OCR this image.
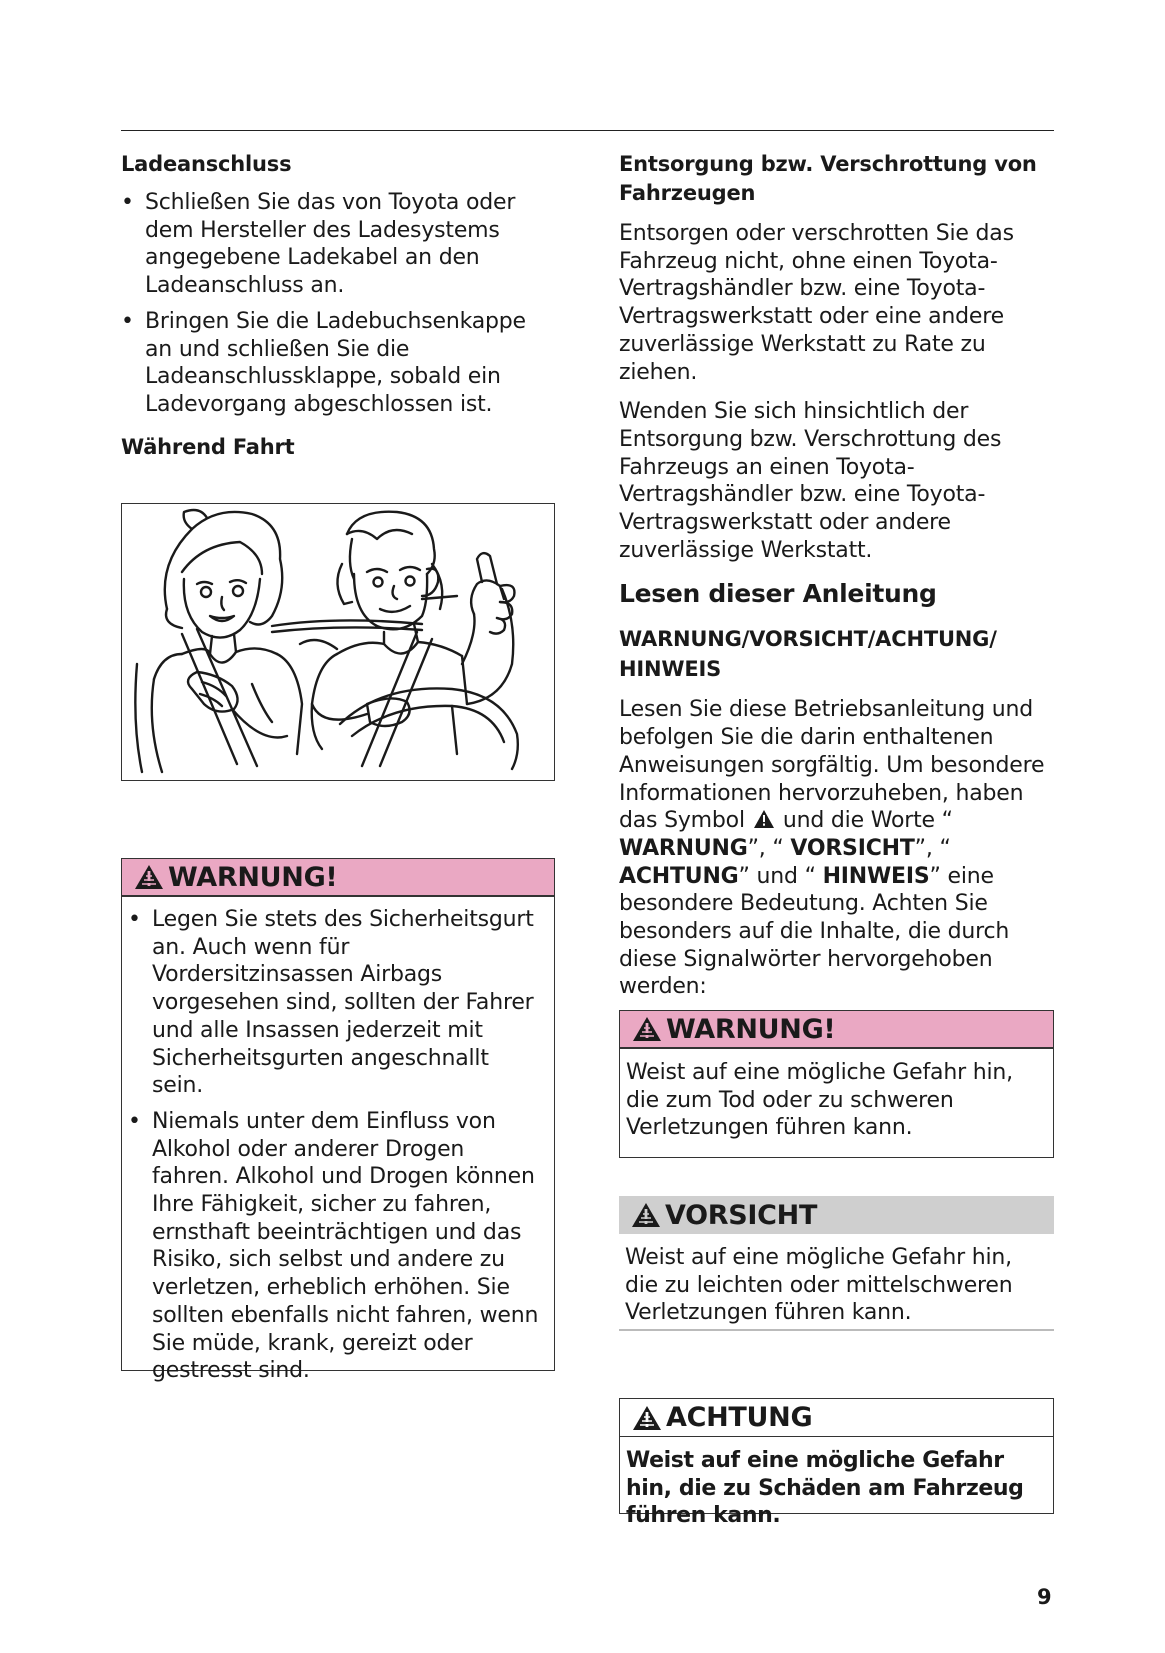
Ladeanschluss

• Schließen Sie das von Toyota oder dem Hersteller des Ladesystems angegebene Ladekabel an den Ladeanschluss an.
• Bringen Sie die Ladebuchsenkappe an und schließen Sie die Ladeanschlussklappe, sobald ein Ladevorgang abgeschlossen ist.

Während Fahrt

WARNUNG!
• Legen Sie stets des Sicherheitsgurt an. Auch wenn für Vordersitzinsassen Airbags vorgesehen sind, sollten der Fahrer und alle Insassen jederzeit mit Sicherheitsgurten angeschnallt sein.
• Niemals unter dem Einfluss von Alkohol oder anderer Drogen fahren. Alkohol und Drogen können Ihre Fähigkeit, sicher zu fahren, ernsthaft beeinträchtigen und das Risiko, sich selbst und andere zu verletzen, erheblich erhöhen. Sie sollten ebenfalls nicht fahren, wenn Sie müde, krank, gereizt oder gestresst sind.

Entsorgung bzw. Verschrottung von Fahrzeugen

Entsorgen oder verschrotten Sie das Fahrzeug nicht, ohne einen Toyota-Vertragshändler bzw. eine Toyota-Vertragswerkstatt oder eine andere zuverlässige Werkstatt zu Rate zu ziehen.

Wenden Sie sich hinsichtlich der Entsorgung bzw. Verschrottung des Fahrzeugs an einen Toyota-Vertragshändler bzw. eine Toyota-Vertragswerkstatt oder andere zuverlässige Werkstatt.

Lesen dieser Anleitung

WARNUNG/VORSICHT/ACHTUNG/ HINWEIS

Lesen Sie diese Betriebsanleitung und befolgen Sie die darin enthaltenen Anweisungen sorgfältig. Um besondere Informationen hervorzuheben, haben das Symbol und die Worte “ WARNUNG”, “ VORSICHT”, “ ACHTUNG” und “ HINWEIS” eine besondere Bedeutung. Achten Sie besonders auf die Inhalte, die durch diese Signalwörter hervorgehoben werden:

WARNUNG!

Weist auf eine mögliche Gefahr hin, die zum Tod oder zu schweren Verletzungen führen kann.

VORSICHT

Weist auf eine mögliche Gefahr hin, die zu leichten oder mittelschweren Verletzungen führen kann.

ACHTUNG

Weist auf eine mögliche Gefahr hin, die zu Schäden am Fahrzeug führen kann.

9
